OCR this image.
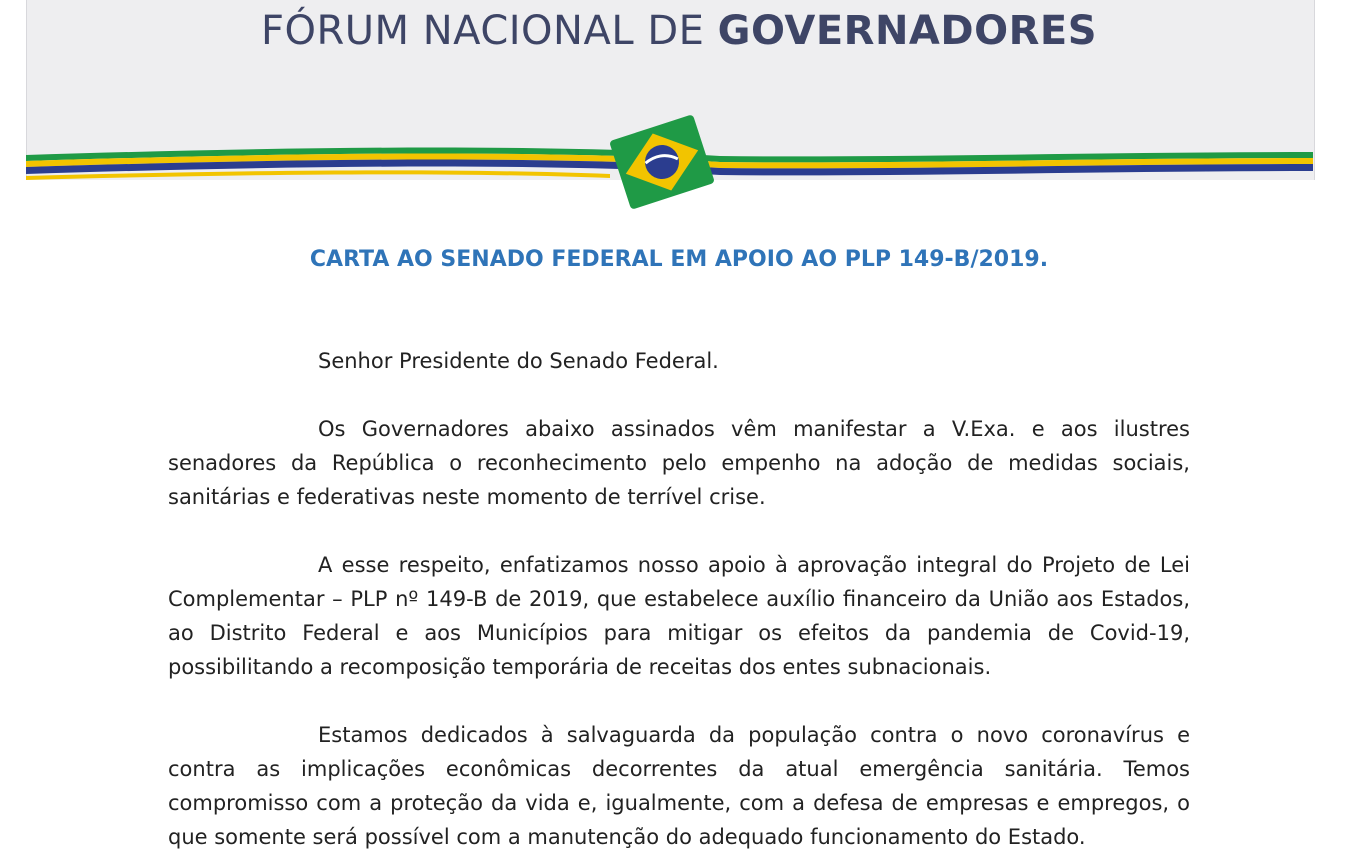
FÓRUM NACIONAL DE GOVERNADORES
CARTA AO SENADO FEDERAL EM APOIO AO PLP 149-B/2019.

Senhor Presidente do Senado Federal.

Os Governadores abaixo assinados vêm manifestar a V.Exa. e aos ilustres senadores da República o reconhecimento pelo empenho na adoção de medidas sociais, sanitárias e federativas neste momento de terrível crise.

A esse respeito, enfatizamos nosso apoio à aprovação integral do Projeto de Lei Complementar – PLP nº 149-B de 2019, que estabelece auxílio financeiro da União aos Estados, ao Distrito Federal e aos Municípios para mitigar os efeitos da pandemia de Covid-19, possibilitando a recomposição temporária de receitas dos entes subnacionais.

Estamos dedicados à salvaguarda da população contra o novo coronavírus e contra as implicações econômicas decorrentes da atual emergência sanitária. Temos compromisso com a proteção da vida e, igualmente, com a defesa de empresas e empregos, o que somente será possível com a manutenção do adequado funcionamento do Estado.
